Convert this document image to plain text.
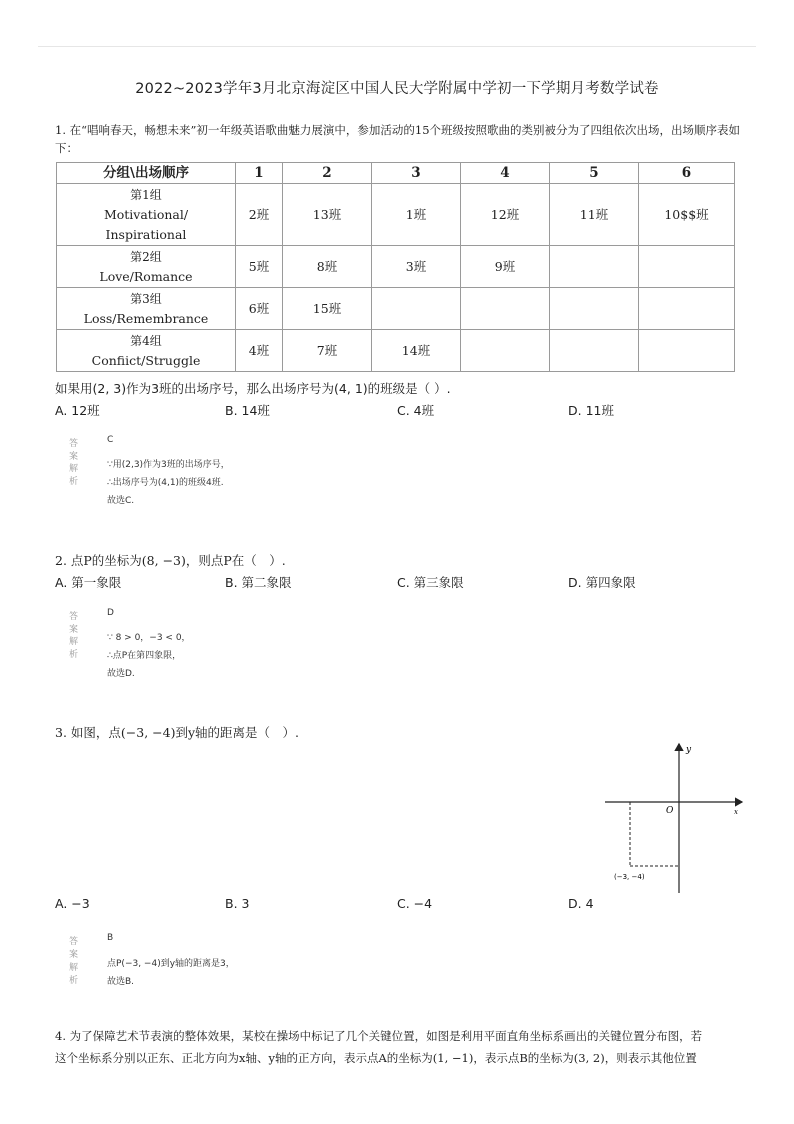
2022~2023学年3月北京海淀区中国人民大学附属中学初一下学期月考数学试卷
1. 在“唱响春天，畅想未来”初一年级英语歌曲魅力展演中，参加活动的15个班级按照歌曲的类别被分为了四组依次出场，出场顺序表如下：
分组\出场顺序	1	2	3	4	5	6

第1组
Motivational/
Inspirational	2班	13班	1班	12班	11班	10$$班

第2组
Love/Romance	5班	8班	3班	9班		

第3组
Loss/Remembrance	6班	15班				

第4组
Confiict/Struggle	4班	7班	14班			
如果用(2, 3)作为3班的出场序号，那么出场序号为(4, 1)的班级是（ ）.
A. 12班	B. 14班	C. 4班	D. 11班
答案
C
解析
∵用(2,3)作为3班的出场序号，
∴出场序号为(4,1)的班级4班.
故选C.
2. 点P的坐标为(8, −3)，则点P在（　）.
A. 第一象限	B. 第二象限	C. 第三象限	D. 第四象限
答案
D
解析
∵ 8 > 0，−3 < 0，
∴点P在第四象限，
故选D.
3. 如图，点(−3, −4)到y轴的距离是（　）.
y
x
O
(−3, −4)
A. −3	B. 3	C. −4	D. 4
答案
B
解析
点P(−3, −4)到y轴的距离是3，
故选B.
4. 为了保障艺术节表演的整体效果，某校在操场中标记了几个关键位置，如图是利用平面直角坐标系画出的关键位置分布图，若
这个坐标系分别以正东、正北方向为x轴、y轴的正方向，表示点A的坐标为(1, −1)，表示点B的坐标为(3, 2)，则表示其他位置
